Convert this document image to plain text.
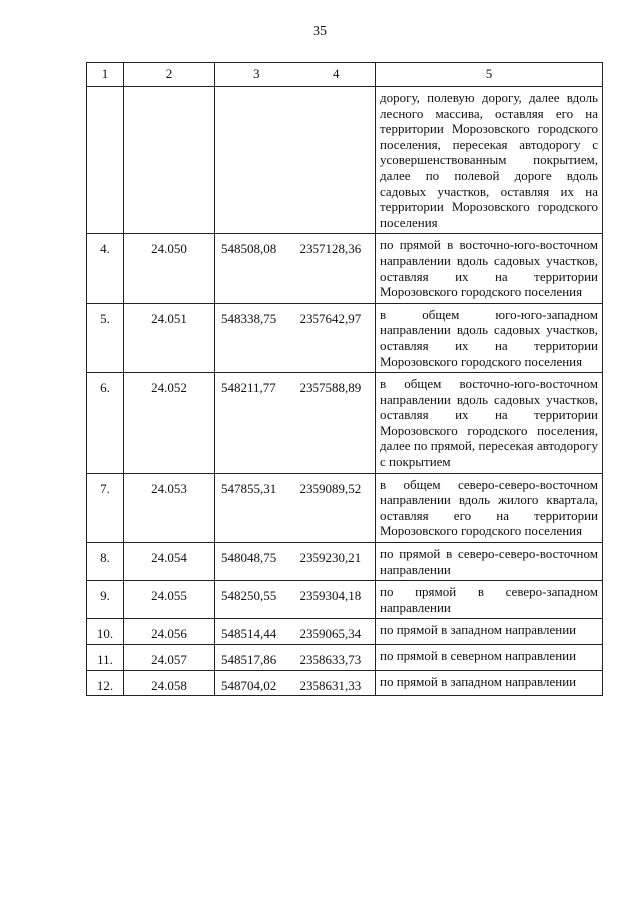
35
1	2	3	4	5
				дорогу, полевую дорогу, далее вдоль лесного массива, оставляя его на территории Морозовского городского поселения, пересекая автодорогу с усовершенствованным покрытием, далее по полевой дороге вдоль садовых участков, оставляя их на территории Морозовского городского поселения
4.	24.050	548508,08	2357128,36	по прямой в восточно-юго-восточном направлении вдоль садовых участков, оставляя их на территории Морозовского городского поселения
5.	24.051	548338,75	2357642,97	в общем юго-юго-западном направлении вдоль садовых участков, оставляя их на территории Морозовского городского поселения
6.	24.052	548211,77	2357588,89	в общем восточно-юго-восточном направлении вдоль садовых участков, оставляя их на территории Морозовского городского поселения, далее по прямой, пересекая автодорогу с покрытием
7.	24.053	547855,31	2359089,52	в общем северо-северо-восточном направлении вдоль жилого квартала, оставляя его на территории Морозовского городского поселения
8.	24.054	548048,75	2359230,21	по прямой в северо-северо-восточном направлении
9.	24.055	548250,55	2359304,18	по прямой в северо-западном направлении
10.	24.056	548514,44	2359065,34	по прямой в западном направлении
11.	24.057	548517,86	2358633,73	по прямой в северном направлении
12.	24.058	548704,02	2358631,33	по прямой в западном направлении
